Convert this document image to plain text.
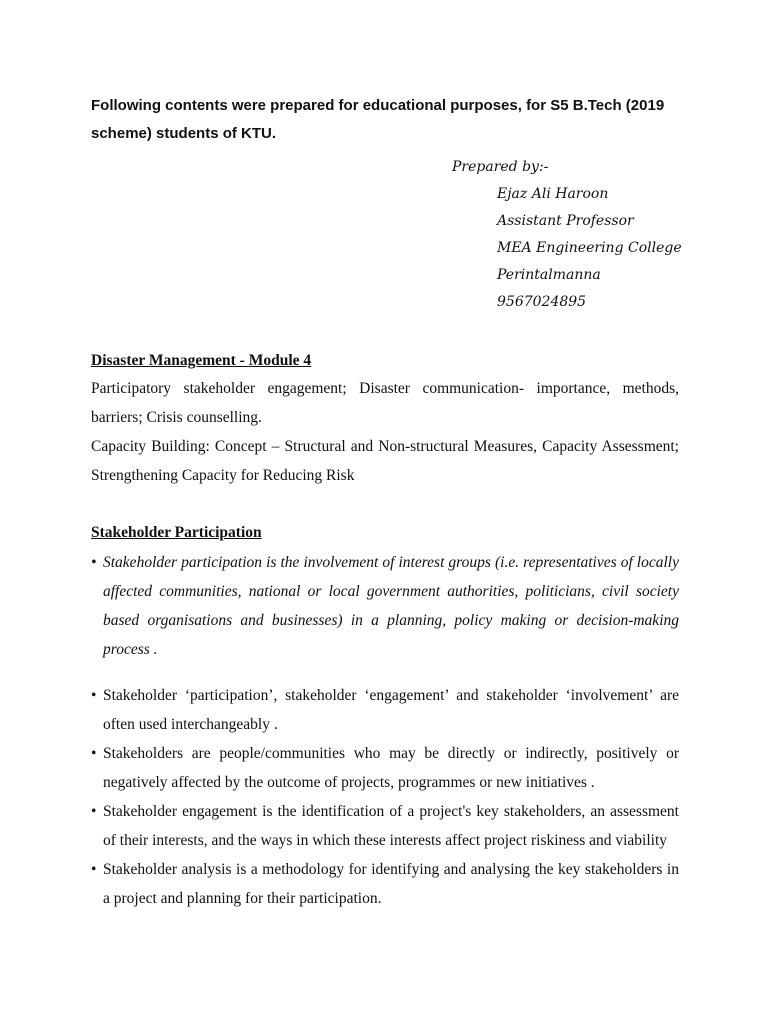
Following contents were prepared for educational purposes, for S5 B.Tech (2019 scheme) students of KTU.
Prepared by:-
Ejaz Ali Haroon
Assistant Professor
MEA Engineering College
Perintalmanna
9567024895
Disaster Management - Module 4

Participatory stakeholder engagement; Disaster communication- importance, methods, barriers; Crisis counselling.

Capacity Building: Concept – Structural and Non-structural Measures, Capacity Assessment; Strengthening Capacity for Reducing Risk

Stakeholder Participation
• Stakeholder participation is the involvement of interest groups (i.e. representatives of locally affected communities, national or local government authorities, politicians, civil society based organisations and businesses) in a planning, policy making or decision-making process .
• Stakeholder ‘participation’, stakeholder ‘engagement’ and stakeholder ‘involvement’ are often used interchangeably .
• Stakeholders are people/communities who may be directly or indirectly, positively or negatively affected by the outcome of projects, programmes or new initiatives .
• Stakeholder engagement is the identification of a project's key stakeholders, an assessment of their interests, and the ways in which these interests affect project riskiness and viability
• Stakeholder analysis is a methodology for identifying and analysing the key stakeholders in a project and planning for their participation.
